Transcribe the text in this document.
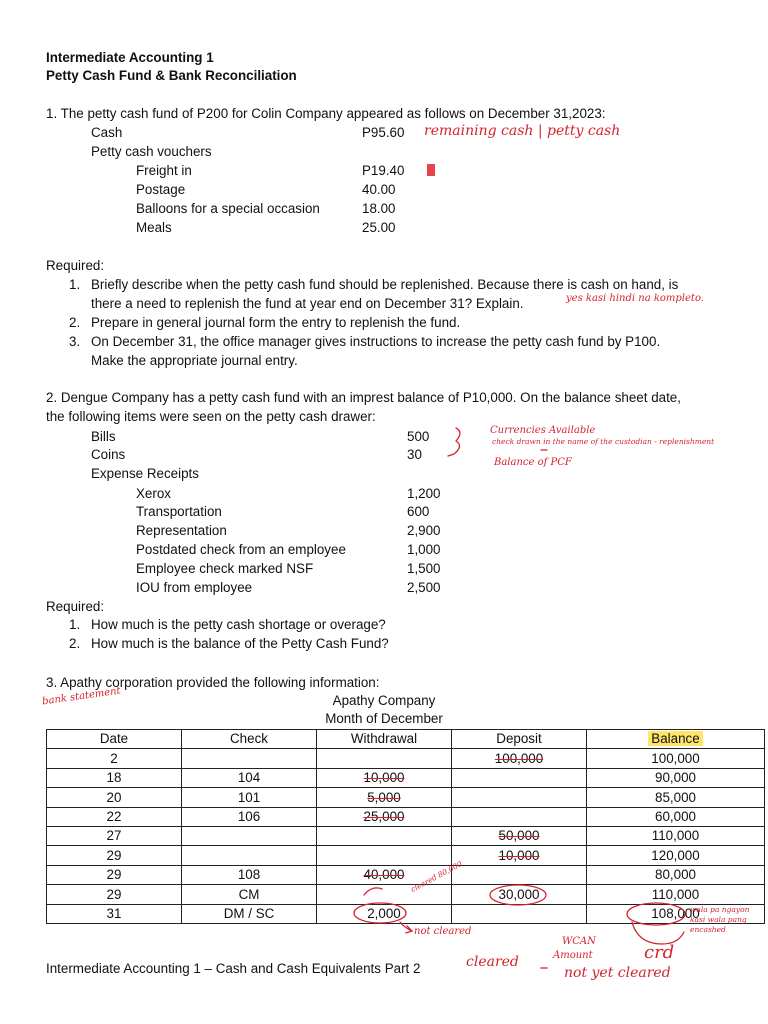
Intermediate Accounting 1
Petty Cash Fund & Bank Reconciliation
1. The petty cash fund of P200 for Colin Company appeared as follows on December 31,2023:
Cash	P95.60
Petty cash vouchers
Freight in	P19.40
Postage	40.00
Balloons for a special occasion	18.00
Meals	25.00
Required:
1. Briefly describe when the petty cash fund should be replenished. Because there is cash on hand, is
there a need to replenish the fund at year end on December 31? Explain.
2. Prepare in general journal form the entry to replenish the fund.
3. On December 31, the office manager gives instructions to increase the petty cash fund by P100.
Make the appropriate journal entry.
2. Dengue Company has a petty cash fund with an imprest balance of P10,000. On the balance sheet date,
the following items were seen on the petty cash drawer:
Bills	500
Coins	30
Expense Receipts
Xerox	1,200
Transportation	600
Representation	2,900
Postdated check from an employee	1,000
Employee check marked NSF	1,500
IOU from employee	2,500
Required:
1. How much is the petty cash shortage or overage?
2. How much is the balance of the Petty Cash Fund?
3. Apathy corporation provided the following information:
Apathy Company
Month of December
Date	Check	Withdrawal	Deposit	Balance
2			100,000	100,000
18	104	10,000		90,000
20	101	5,000		85,000
22	106	25,000		60,000
27			50,000	110,000
29			10,000	120,000
29	108	40,000		80,000
29	CM		30,000	110,000
31	DM / SC	2,000		108,000
Intermediate Accounting 1 – Cash and Cash Equivalents Part 2
remaining cash | petty cash
yes kasi hindi na kompleto.
Currencies Available
check drawn in the name of the custodian - replenishment
Balance of PCF
bank statement
cleared 80,000
not cleared
wala pa ngayon kasi wala pang encashed
WCAN
Amount
not yet cleared
cleared	crd
